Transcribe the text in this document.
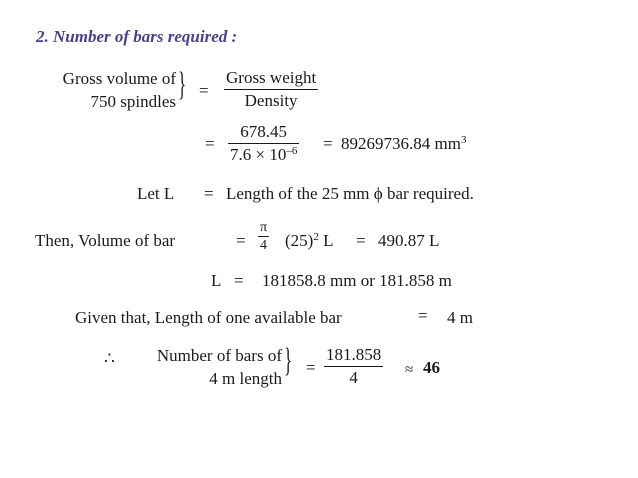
2. Number of bars required :
Gross volume of
750 spindles } =
Gross weight
Density
=
678.45
$7.6 \times 10^{-6} = 89269736.84$ $mm^3$
Let L = Length of the 25 mm ϕ bar required.
Then, Volume of bar	=
π
4 $(25)^2$ L = 490.87 L
L = 181858.8 mm or 181.858 m
Given that, Length of one available bar	= 4 m
∴	Number of bars of
4 m length } =
181.858
4	≈ 46
